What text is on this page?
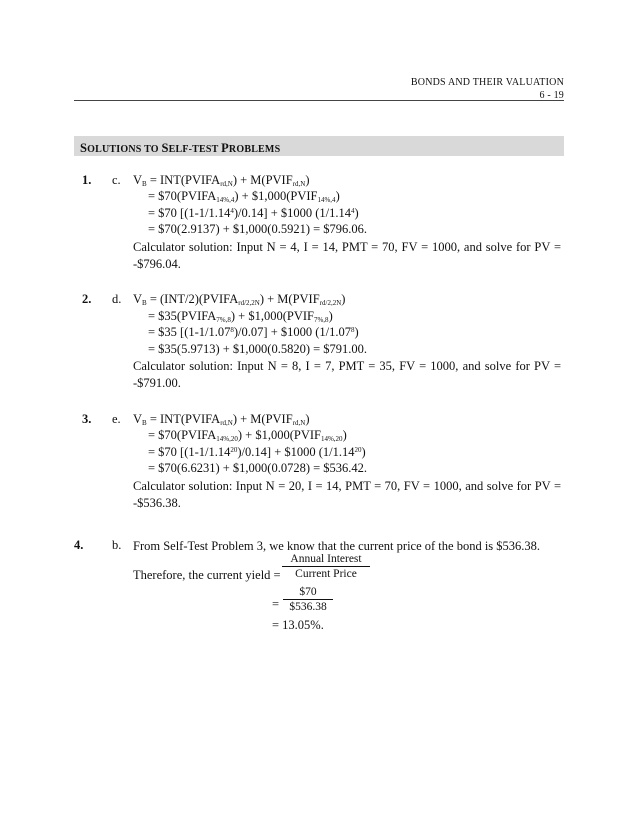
BONDS AND THEIR VALUATION
6 - 19
SOLUTIONS TO SELF-TEST PROBLEMS
1. c. $V_B$ = $INT(PVIFA_{rd,N})$ + $M(PVIF_{rd,N})$
= $\$70(PVIFA_{14\%,4})$ + $\$1,000(PVIF_{14\%,4})$
= $70 $[(1-1/1.14^4)/0.14]$ + $1000 $(1/1.14^4)$
= $70(2.9137) + $1,000(0.5921) = $796.06.
Calculator solution: Input N = 4, I = 14, PMT = 70, FV = 1000, and solve for PV = -$796.04.
2. d. $V_B$ = $(INT/2)(PVIFA_{rd/2,2N})$ + $M(PVIF_{rd/2,2N})$
= $\$35(PVIFA_{7\%,8})$ + $\$1,000(PVIF_{7\%,8})$
= $35 $[(1-1/1.07^8)/0.07]$ + $1000 $(1/1.07^8)$
= $35(5.9713) + $1,000(0.5820) = $791.00.
Calculator solution: Input N = 8, I = 7, PMT = 35, FV = 1000, and solve for PV = -$791.00.
3. e. $V_B$ = $INT(PVIFA_{rd,N})$ + $M(PVIF_{rd,N})$
= $\$70(PVIFA_{14\%,20})$ + $\$1,000(PVIF_{14\%,20})$
= $70 $[(1-1/1.14^{20})/0.14]$ + $1000 $(1/1.14^{20})$
= $70(6.6231) + $1,000(0.0728) = $536.42.
Calculator solution: Input N = 20, I = 14, PMT = 70, FV = 1000, and solve for PV = -$536.38.
4. b. From Self-Test Problem 3, we know that the current price of the bond is $536.38.
Therefore, the current yield =
Annual Interest
Current Price
=
$70
$536.38
= 13.05%.
